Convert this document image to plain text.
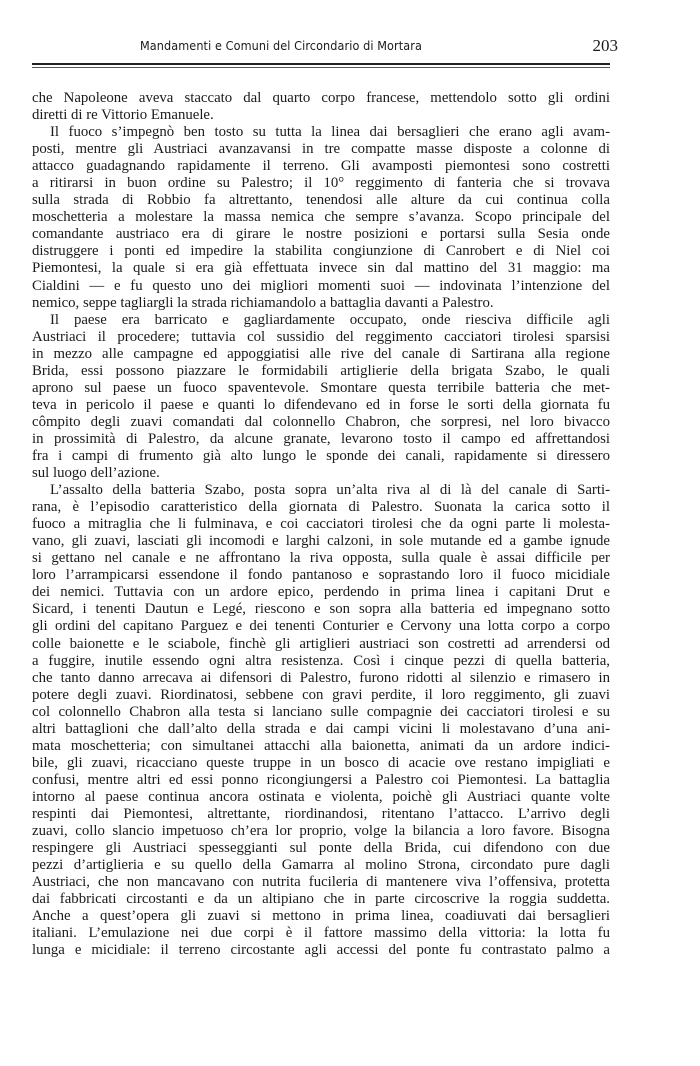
Mandamenti e Comuni del Circondario di Mortara	203
che Napoleone aveva staccato dal quarto corpo francese, mettendolo sotto gli ordini
diretti di re Vittorio Emanuele.
Il fuoco s’impegnò ben tosto su tutta la linea dai bersaglieri che erano agli avam-
posti, mentre gli Austriaci avanzavansi in tre compatte masse disposte a colonne di
attacco guadagnando rapidamente il terreno. Gli avamposti piemontesi sono costretti
a ritirarsi in buon ordine su Palestro; il 10° reggimento di fanteria che si trovava
sulla strada di Robbio fa altrettanto, tenendosi alle alture da cui continua colla
moschetteria a molestare la massa nemica che sempre s’avanza. Scopo principale del
comandante austriaco era di girare le nostre posizioni e portarsi sulla Sesia onde
distruggere i ponti ed impedire la stabilita congiunzione di Canrobert e di Niel coi
Piemontesi, la quale si era già effettuata invece sin dal mattino del 31 maggio: ma
Cialdini — e fu questo uno dei migliori momenti suoi — indovinata l’intenzione del
nemico, seppe tagliargli la strada richiamandolo a battaglia davanti a Palestro.
Il paese era barricato e gagliardamente occupato, onde riesciva difficile agli
Austriaci il procedere; tuttavia col sussidio del reggimento cacciatori tirolesi sparsisi
in mezzo alle campagne ed appoggiatisi alle rive del canale di Sartirana alla regione
Brida, essi possono piazzare le formidabili artiglierie della brigata Szabo, le quali
aprono sul paese un fuoco spaventevole. Smontare questa terribile batteria che met-
teva in pericolo il paese e quanti lo difendevano ed in forse le sorti della giornata fu
cômpito degli zuavi comandati dal colonnello Chabron, che sorpresi, nel loro bivacco
in prossimità di Palestro, da alcune granate, levarono tosto il campo ed affrettandosi
fra i campi di frumento già alto lungo le sponde dei canali, rapidamente si diressero
sul luogo dell’azione.
L’assalto della batteria Szabo, posta sopra un’alta riva al di là del canale di Sarti-
rana, è l’episodio caratteristico della giornata di Palestro. Suonata la carica sotto il
fuoco a mitraglia che li fulminava, e coi cacciatori tirolesi che da ogni parte li molesta-
vano, gli zuavi, lasciati gli incomodi e larghi calzoni, in sole mutande ed a gambe ignude
si gettano nel canale e ne affrontano la riva opposta, sulla quale è assai difficile per
loro l’arrampicarsi essendone il fondo pantanoso e soprastando loro il fuoco micidiale
dei nemici. Tuttavia con un ardore epico, perdendo in prima linea i capitani Drut e
Sicard, i tenenti Dautun e Legé, riescono e son sopra alla batteria ed impegnano sotto
gli ordini del capitano Parguez e dei tenenti Conturier e Cervony una lotta corpo a corpo
colle baionette e le sciabole, finchè gli artiglieri austriaci son costretti ad arrendersi od
a fuggire, inutile essendo ogni altra resistenza. Così i cinque pezzi di quella batteria,
che tanto danno arrecava ai difensori di Palestro, furono ridotti al silenzio e rimasero in
potere degli zuavi. Riordinatosi, sebbene con gravi perdite, il loro reggimento, gli zuavi
col colonnello Chabron alla testa si lanciano sulle compagnie dei cacciatori tirolesi e su
altri battaglioni che dall’alto della strada e dai campi vicini li molestavano d’una ani-
mata moschetteria; con simultanei attacchi alla baionetta, animati da un ardore indici-
bile, gli zuavi, ricacciano queste truppe in un bosco di acacie ove restano impigliati e
confusi, mentre altri ed essi ponno ricongiungersi a Palestro coi Piemontesi. La battaglia
intorno al paese continua ancora ostinata e violenta, poichè gli Austriaci quante volte
respinti dai Piemontesi, altrettante, riordinandosi, ritentano l’attacco. L’arrivo degli
zuavi, collo slancio impetuoso ch’era lor proprio, volge la bilancia a loro favore. Bisogna
respingere gli Austriaci spesseggianti sul ponte della Brida, cui difendono con due
pezzi d’artiglieria e su quello della Gamarra al molino Strona, circondato pure dagli
Austriaci, che non mancavano con nutrita fucileria di mantenere viva l’offensiva, protetta
dai fabbricati circostanti e da un altipiano che in parte circoscrive la roggia suddetta.
Anche a quest’opera gli zuavi si mettono in prima linea, coadiuvati dai bersaglieri
italiani. L’emulazione nei due corpi è il fattore massimo della vittoria: la lotta fu
lunga e micidiale: il terreno circostante agli accessi del ponte fu contrastato palmo a
